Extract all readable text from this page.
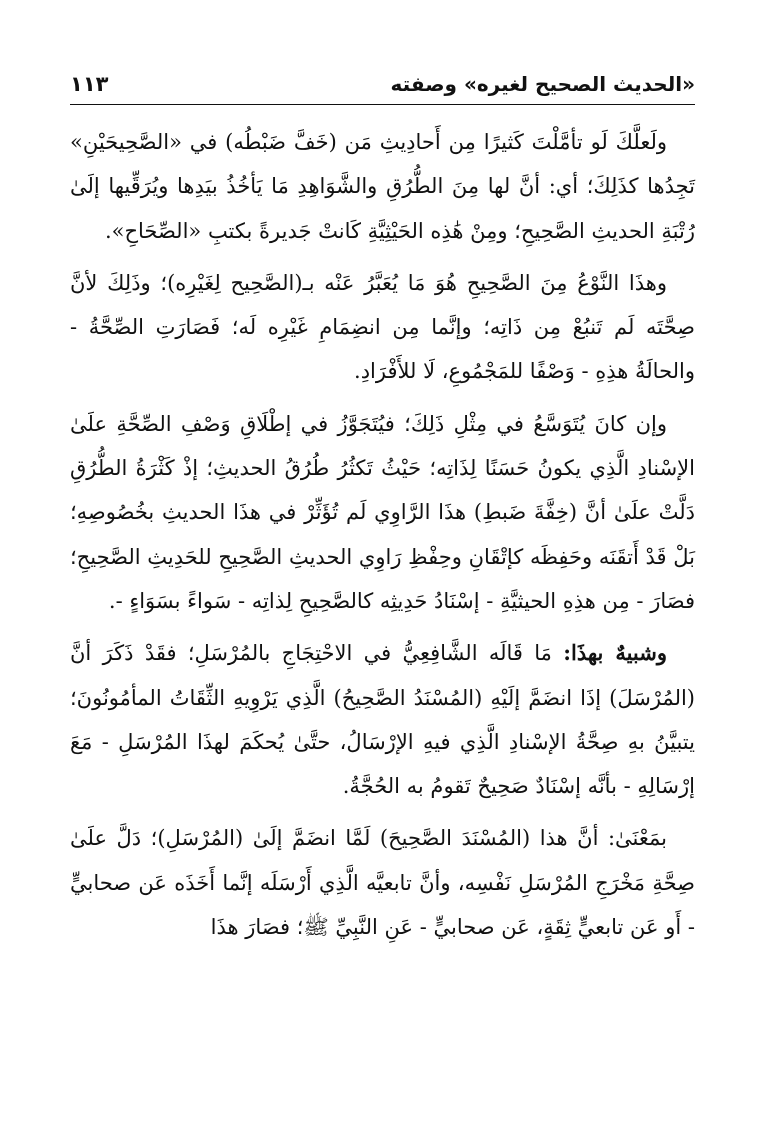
«الحديث الصحيح لغيره» وصفته
١١٣

ولَعلَّكَ لَو تأمَّلْتَ كَثيرًا مِن أَحادِيثِ مَن (خَفَّ ضَبْطُه) في «الصَّحِيحَيْنِ» تَجِدُها كذَلِكَ؛ أي: أنَّ لها مِنَ الطُّرُقِ والشَّوَاهِدِ مَا يَأخُذُ بيَدِها ويُرَقِّيها إلَىٰ رُتْبَةِ الحديثِ الصَّحِيحِ؛ ومِنْ هَٰذِه الحَيْثِيَّةِ كَانتْ جَديرةً بكتبِ «الصِّحَاحِ».

وهذَا النَّوْعُ مِنَ الصَّحِيحِ هُوَ مَا يُعَبَّرُ عَنْه بـ(الصَّحِيح لِغَيْرِه)؛ وذَلِكَ لأنَّ صِحَّتَه لَم تَنبُعْ مِن ذَاتِه؛ وإنَّما مِن انضِمَامِ غَيْرِه لَه؛ فَصَارَتِ الصِّحَّةُ - والحالَةُ هذِهِ - وَصْفًا للمَجْمُوعِ، لَا للأَفْرَادِ.

وإن كانَ يُتَوَسَّعُ في مِثْلِ ذَلِكَ؛ فيُتَجَوَّزُ في إطْلَاقِ وَصْفِ الصِّحَّةِ علَىٰ الإسْنادِ الَّذِي يكونُ حَسَنًا لِذَاتِه؛ حَيْثُ تَكثُرُ طُرُقُ الحديثِ؛ إذْ كَثْرَةُ الطُّرُقِ دَلَّتْ علَىٰ أنَّ (خِفَّةَ ضَبطِ) هذَا الرَّاوِي لَم تُؤَثِّرْ في هذَا الحديثِ بخُصُوصِهِ؛ بَلْ قَدْ أَتقَنَه وحَفِظَه كإتْقَانِ وحِفْظِ رَاوِي الحديثِ الصَّحِيحِ للحَدِيثِ الصَّحِيحِ؛ فصَارَ - مِن هذِهِ الحيثيَّةِ - إسْنَادُ حَدِيثِه كالصَّحِيحِ لِذاتِه - سَواءً بسَوَاءٍ -.

وشبيهٌ بهذَا: مَا قَالَه الشَّافِعِيُّ في الاحْتِجَاجِ بالمُرْسَلِ؛ فقَدْ ذَكَرَ أنَّ (المُرْسَلَ) إذَا انضَمَّ إلَيْهِ (المُسْنَدُ الصَّحِيحُ) الَّذِي يَرْوِيهِ الثِّقَاتُ المأمُونُونَ؛ يتبيَّنُ بهِ صِحَّةُ الإسْنادِ الَّذِي فيهِ الإرْسَالُ، حتَّىٰ يُحكَمَ لهذَا المُرْسَلِ - مَعَ إرْسَالِهِ - بأنَّه إسْنَادٌ صَحِيحٌ تَقومُ به الحُجَّةُ.

بمَعْنَىٰ: أنَّ هذا (المُسْنَدَ الصَّحِيحَ) لَمَّا انضَمَّ إلَىٰ (المُرْسَلِ)؛ دَلَّ علَىٰ صِحَّةِ مَخْرَجِ المُرْسَلِ نَفْسِه، وأنَّ تابعيَّه الَّذِي أَرْسَلَه إنَّما أَخَذَه عَن صحابيٍّ - أَو عَن تابعيٍّ ثِقَةٍ، عَن صحابيٍّ - عَنِ النَّبِيِّ ﷺ؛ فصَارَ هذَا
